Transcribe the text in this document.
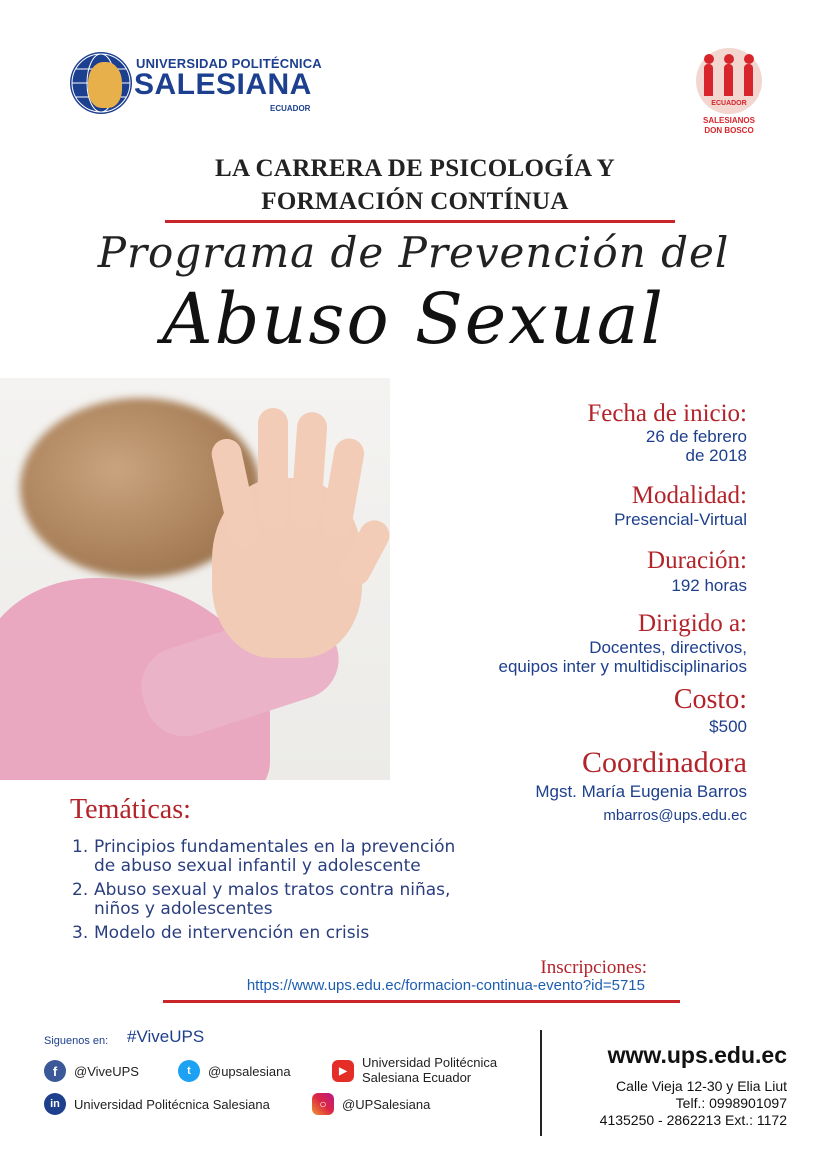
UNIVERSIDAD POLITÉCNICA
SALESIANA
ECUADOR
ECUADOR
SALESIANOS
DON BOSCO
LA CARRERA DE PSICOLOGÍA Y
FORMACIÓN CONTÍNUA
Programa de Prevención del
Abuso Sexual
Fecha de inicio:
26 de febrero
de 2018
Modalidad:
Presencial-Virtual
Duración:
192 horas
Dirigido a:
Docentes, directivos,
equipos inter y multidisciplinarios
Costo:
$500
Coordinadora
Mgst. María Eugenia Barros
mbarros@ups.edu.ec
Temáticas:
1. Principios fundamentales en la prevención
de abuso sexual infantil y adolescente
2. Abuso sexual y malos tratos contra niñas,
niños y adolescentes
3. Modelo de intervención en crisis
Inscripciones:
https://www.ups.edu.ec/formacion-continua-evento?id=5715
Siguenos en: #ViveUPS
f	@ViveUPS	t	@upsalesiana	▶
Universidad Politécnica
Salesiana Ecuador
in	Universidad Politécnica Salesiana	○	@UPSalesiana
www.ups.edu.ec
Calle Vieja 12-30 y Elia Liut
Telf.: 0998901097
4135250 - 2862213 Ext.: 1172
